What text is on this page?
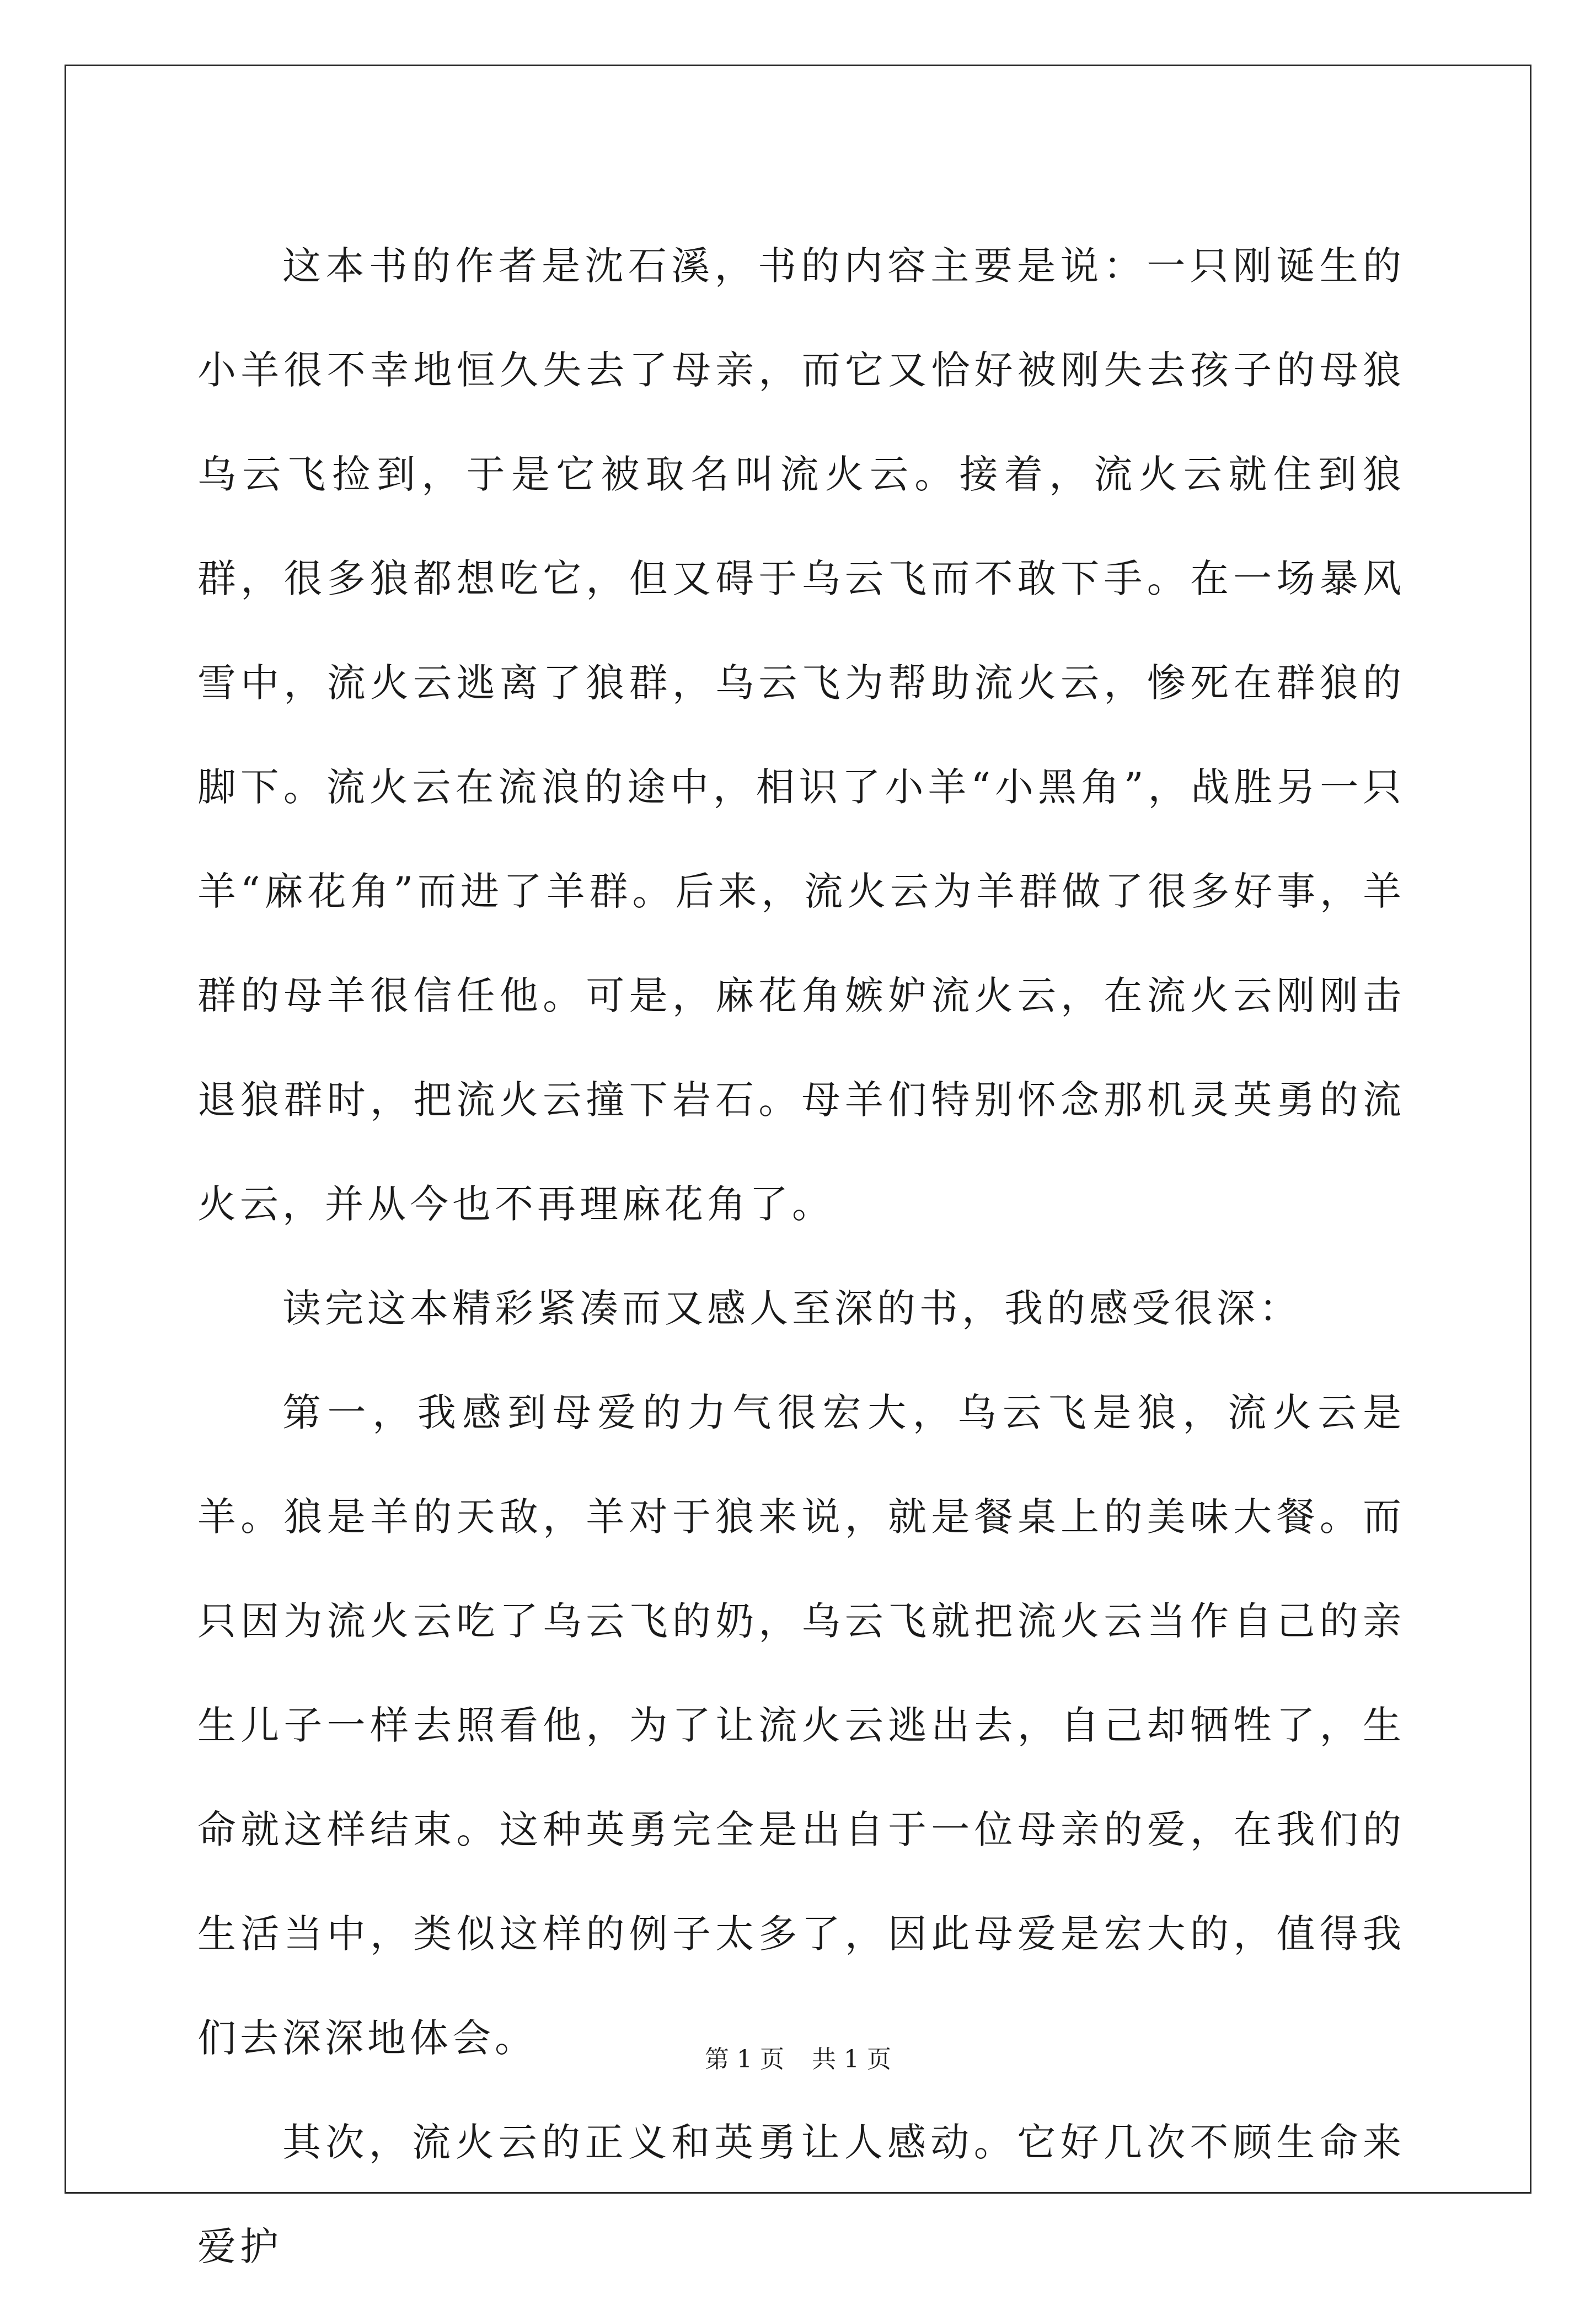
这本书的作者是沈石溪，书的内容主要是说：一只刚诞生的小羊很不幸地恒久失去了母亲，而它又恰好被刚失去孩子的母狼乌云飞捡到，于是它被取名叫流火云。接着，流火云就住到狼群，很多狼都想吃它，但又碍于乌云飞而不敢下手。在一场暴风雪中，流火云逃离了狼群，乌云飞为帮助流火云，惨死在群狼的脚下。流火云在流浪的途中，相识了小羊“小黑角”，战胜另一只羊“麻花角”而进了羊群。后来，流火云为羊群做了很多好事，羊群的母羊很信任他。可是，麻花角嫉妒流火云，在流火云刚刚击退狼群时，把流火云撞下岩石。母羊们特别怀念那机灵英勇的流火云，并从今也不再理麻花角了。

读完这本精彩紧凑而又感人至深的书，我的感受很深：

第一，我感到母爱的力气很宏大，乌云飞是狼，流火云是羊。狼是羊的天敌，羊对于狼来说，就是餐桌上的美味大餐。而只因为流火云吃了乌云飞的奶，乌云飞就把流火云当作自己的亲生儿子一样去照看他，为了让流火云逃出去，自己却牺牲了，生命就这样结束。这种英勇完全是出自于一位母亲的爱，在我们的生活当中，类似这样的例子太多了，因此母爱是宏大的，值得我们去深深地体会。

其次，流火云的正义和英勇让人感动。它好几次不顾生命来爱护

第 1 页 共 1 页
